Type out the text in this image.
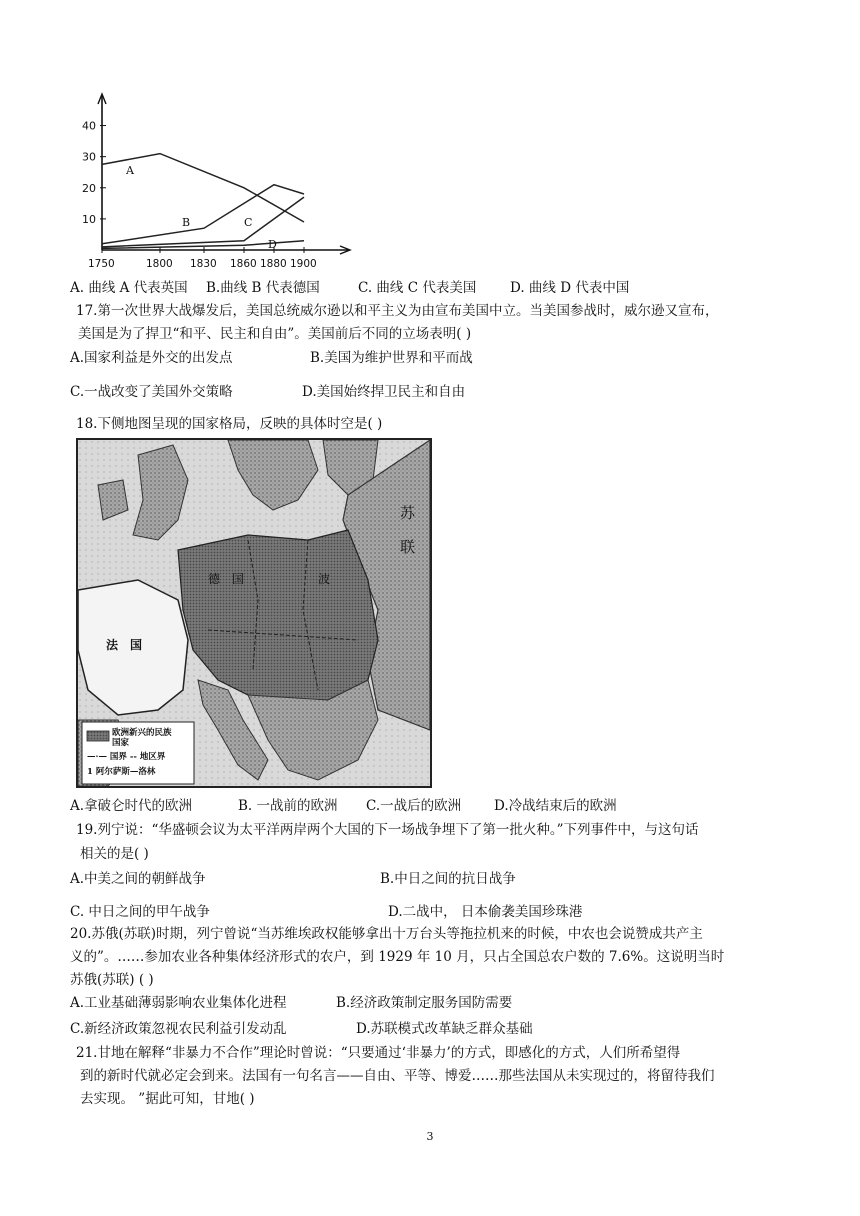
A
B	C
D
10
20
30
40
1750	1800 1830 1860 1880 1900
A. 曲线 A 代表英国 B.曲线 B 代表德国	C. 曲线 C 代表美国 D. 曲线 D 代表中国
17.第一次世界大战爆发后，美国总统威尔逊以和平主义为由宣布美国中立。当美国参战时，威尔逊又宣布，
美国是为了捍卫“和平、民主和自由”。美国前后不同的立场表明( )
A.国家利益是外交的出发点	B.美国为维护世界和平而战
C.一战改变了美国外交策略	D.美国始终捍卫民主和自由
18.下侧地图呈现的国家格局，反映的具体时空是( )
苏
联
法　国
德　国	波
欧洲新兴的民族
国家
—·— 国界 -- 地区界
1 阿尔萨斯—洛林
A.拿破仑时代的欧洲	B. 一战前的欧洲 C.一战后的欧洲 D.冷战结束后的欧洲
19.列宁说：“华盛顿会议为太平洋两岸两个大国的下一场战争埋下了第一批火种。”下列事件中，与这句话
相关的是( )
A.中美之间的朝鲜战争	B.中日之间的抗日战争
C. 中日之间的甲午战争	D.二战中， 日本偷袭美国珍珠港
20.苏俄(苏联)时期，列宁曾说“当苏维埃政权能够拿出十万台头等拖拉机来的时候，中农也会说赞成共产主
义的”。……参加农业各种集体经济形式的农户，到 1929 年 10 月，只占全国总农户数的 7.6%。这说明当时
苏俄(苏联) ( )
A.工业基础薄弱影响农业集体化进程	B.经济政策制定服务国防需要
C.新经济政策忽视农民利益引发动乱	D.苏联模式改革缺乏群众基础
21.甘地在解释“非暴力不合作”理论时曾说：“只要通过‘非暴力’的方式，即感化的方式，人们所希望得
到的新时代就必定会到来。法国有一句名言——自由、平等、博爱……那些法国从未实现过的，将留待我们
去实现。 ”据此可知，甘地( )
3
